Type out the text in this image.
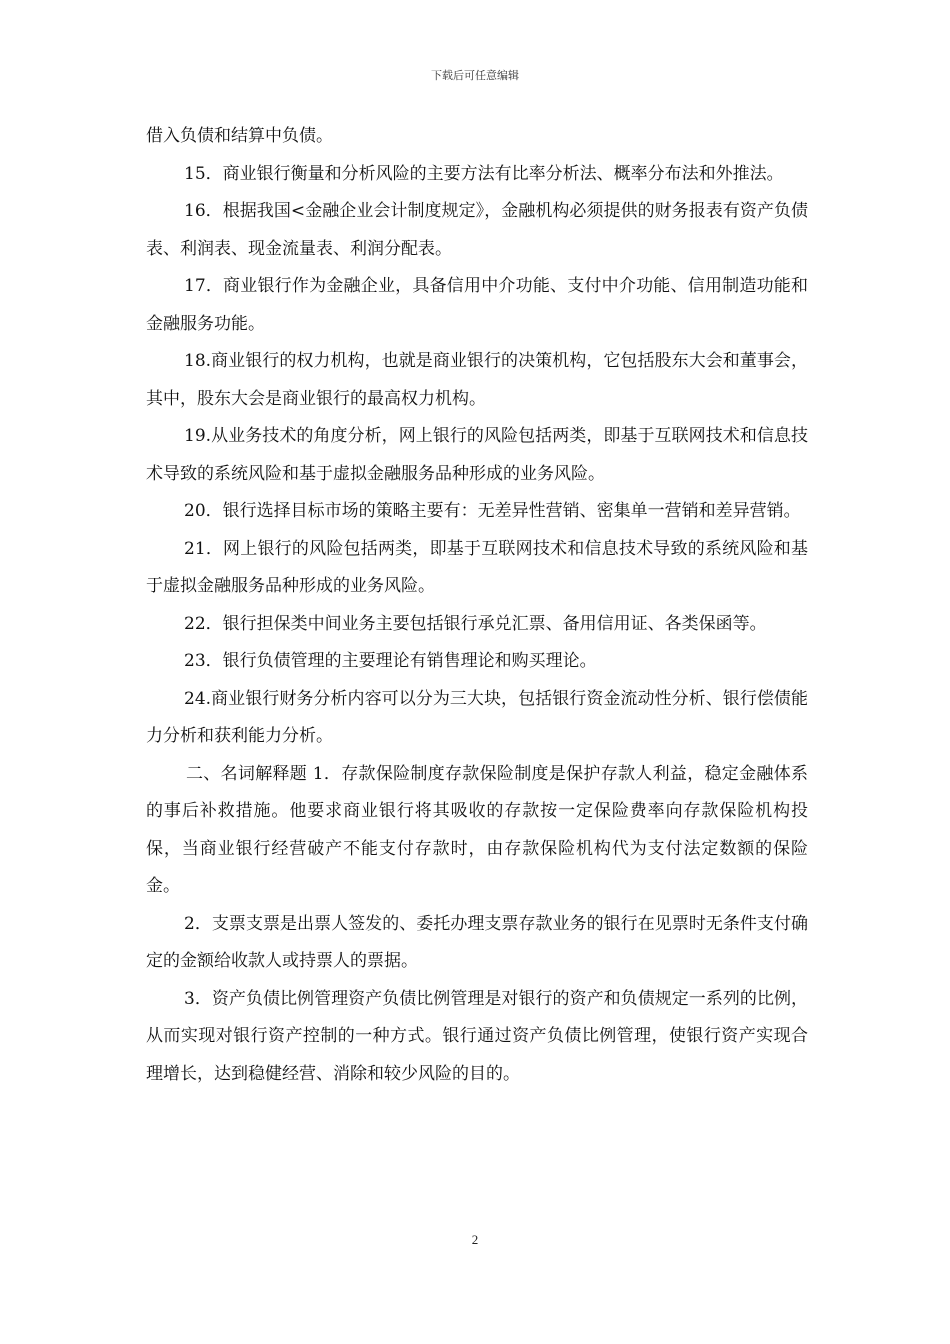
下载后可任意编辑

借入负债和结算中负债。

15．商业银行衡量和分析风险的主要方法有比率分析法、概率分布法和外推法。

16．根据我国<金融企业会计制度规定》，金融机构必须提供的财务报表有资产负债表、利润表、现金流量表、利润分配表。

17．商业银行作为金融企业，具备信用中介功能、支付中介功能、信用制造功能和金融服务功能。

18.商业银行的权力机构，也就是商业银行的决策机构，它包括股东大会和董事会，其中，股东大会是商业银行的最高权力机构。

19.从业务技术的角度分析，网上银行的风险包括两类，即基于互联网技术和信息技术导致的系统风险和基于虚拟金融服务品种形成的业务风险。

20．银行选择目标市场的策略主要有：无差异性营销、密集单一营销和差异营销。

21．网上银行的风险包括两类，即基于互联网技术和信息技术导致的系统风险和基于虚拟金融服务品种形成的业务风险。

22．银行担保类中间业务主要包括银行承兑汇票、备用信用证、各类保函等。

23．银行负债管理的主要理论有销售理论和购买理论。

24.商业银行财务分析内容可以分为三大块，包括银行资金流动性分析、银行偿债能力分析和获利能力分析。

二、名词解释题 1．存款保险制度存款保险制度是保护存款人利益，稳定金融体系的事后补救措施。他要求商业银行将其吸收的存款按一定保险费率向存款保险机构投保，当商业银行经营破产不能支付存款时，由存款保险机构代为支付法定数额的保险金。

2．支票支票是出票人签发的、委托办理支票存款业务的银行在见票时无条件支付确定的金额给收款人或持票人的票据。

3．资产负债比例管理资产负债比例管理是对银行的资产和负债规定一系列的比例，从而实现对银行资产控制的一种方式。银行通过资产负债比例管理，使银行资产实现合理增长，达到稳健经营、消除和较少风险的目的。

2
